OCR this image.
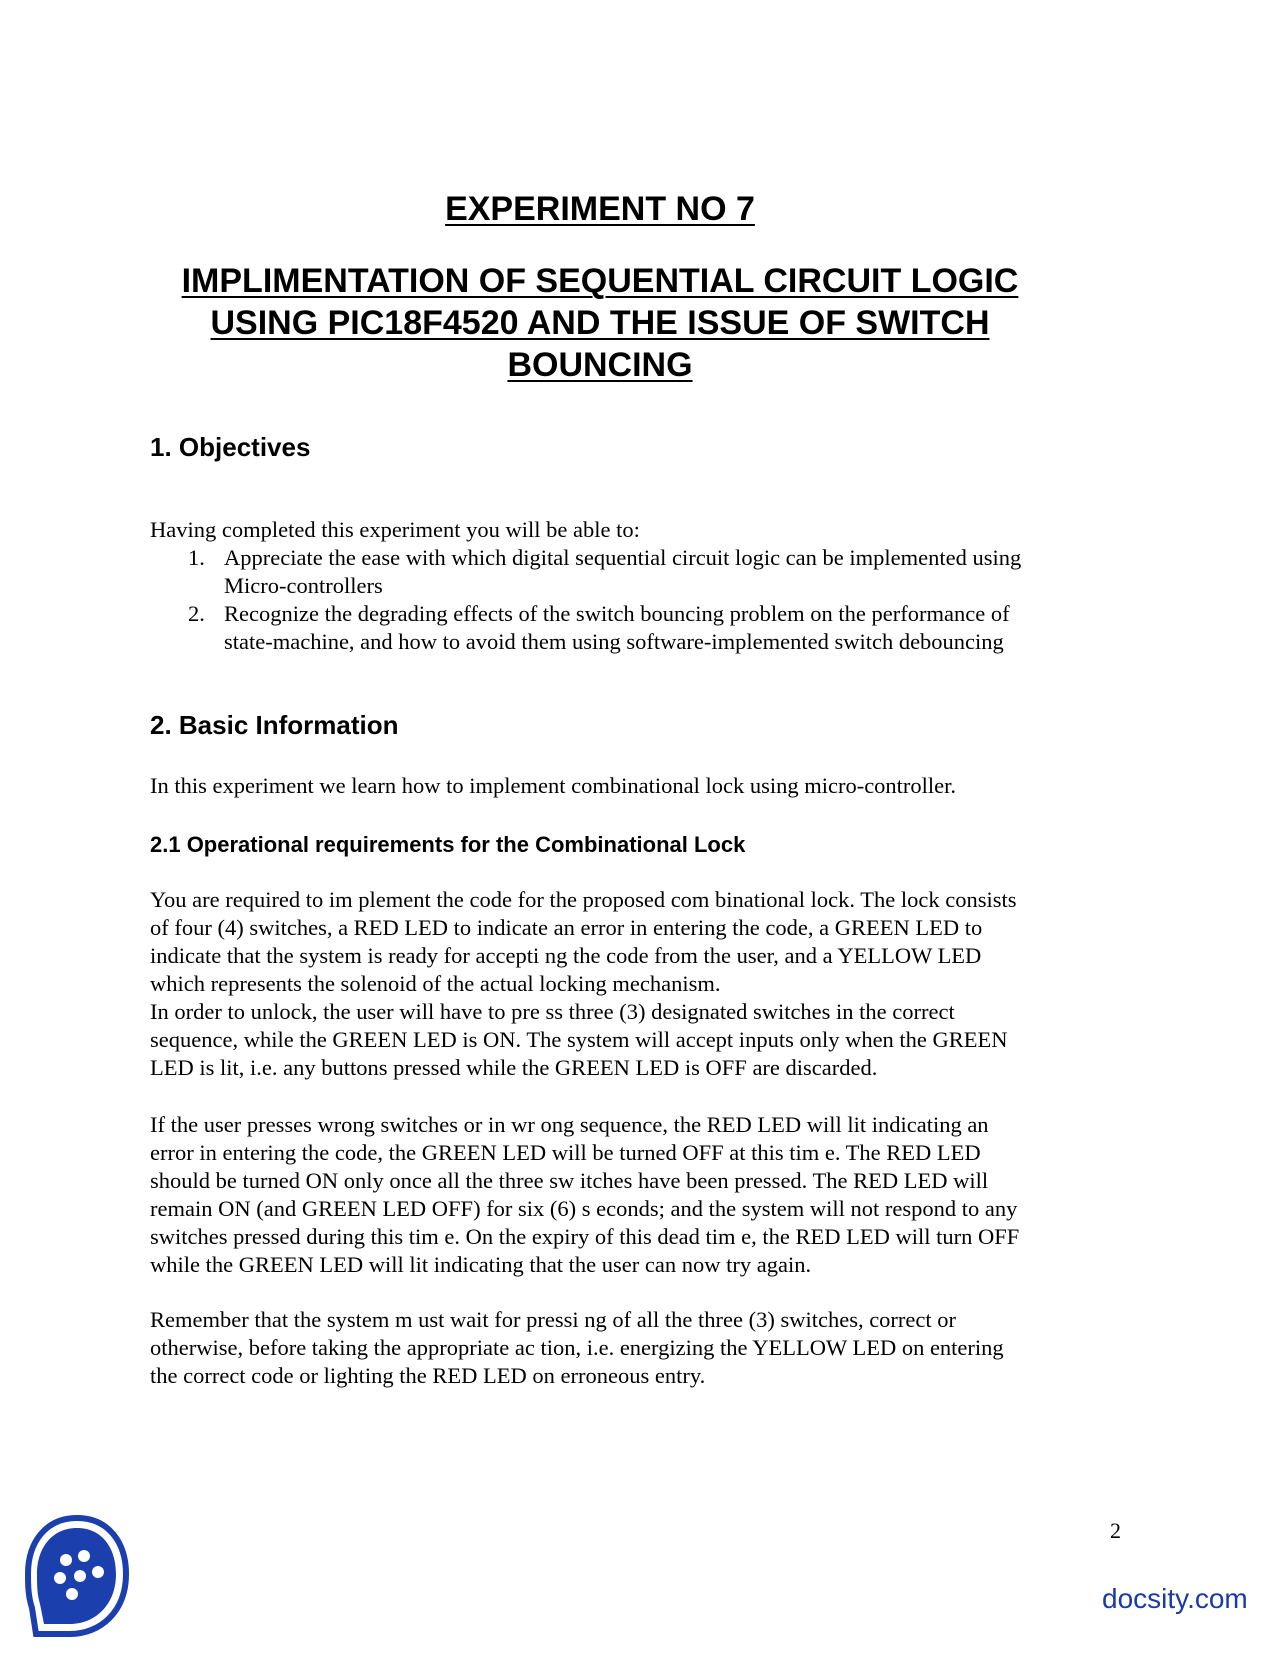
EXPERIMENT NO 7
IMPLIMENTATION OF SEQUENTIAL CIRCUIT LOGIC
USING PIC18F4520 AND THE ISSUE OF SWITCH
BOUNCING
1. Objectives
Having completed this experiment you will be able to:
1. Appreciate the ease with which digital sequential circuit logic can be implemented using
Micro-controllers
2. Recognize the degrading effects of the switch bouncing problem on the performance of
state-machine, and how to avoid them using software-implemented switch debouncing
2. Basic Information
In this experiment we learn how to implement combinational lock using micro-controller.
2.1 Operational requirements for the Combinational Lock
You are required to im plement the code for the proposed com binational lock. The lock consists
of four (4) switches, a RED LED to indicate an error in entering the code, a GREEN LED to
indicate that the system is ready for accepti ng the code from the user, and a YELLOW LED
which represents the solenoid of the actual locking mechanism.
In order to unlock, the user will have to pre ss three (3) designated switches in the correct
sequence, while the GREEN LED is ON. The system will accept inputs only when the GREEN
LED is lit, i.e. any buttons pressed while the GREEN LED is OFF are discarded.
If the user presses wrong switches or in wr ong sequence, the RED LED will lit indicating an
error in entering the code, the GREEN LED will be turned OFF at this tim e. The RED LED
should be turned ON only once all the three sw itches have been pressed. The RED LED will
remain ON (and GREEN LED OFF) for six (6) s econds; and the system will not respond to any
switches pressed during this tim e. On the expiry of this dead tim e, the RED LED will turn OFF
while the GREEN LED will lit indicating that the user can now try again.
Remember that the system m ust wait for pressi ng of all the three (3) switches, correct or
otherwise, before taking the appropriate ac tion, i.e. energizing the YELLOW LED on entering
the correct code or lighting the RED LED on erroneous entry.
2
docsity.com
